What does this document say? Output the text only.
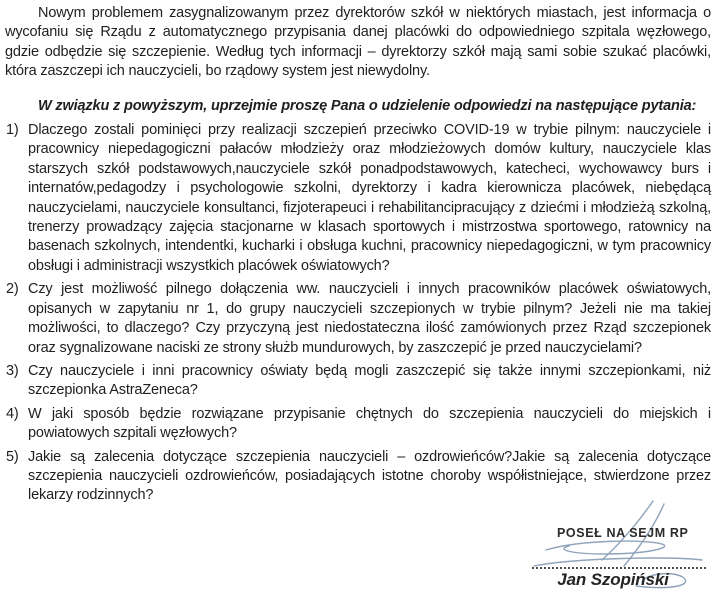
Nowym problemem zasygnalizowanym przez dyrektorów szkół w niektórych miastach, jest informacja o wycofaniu się Rządu z automatycznego przypisania danej placówki do odpowiedniego szpitala węzłowego, gdzie odbędzie się szczepienie. Według tych informacji – dyrektorzy szkół mają sami sobie szukać placówki, która zaszczepi ich nauczycieli, bo rządowy system jest niewydolny.

W związku z powyższym, uprzejmie proszę Pana o udzielenie odpowiedzi na następujące pytania:

1) Dlaczego zostali pominięci przy realizacji szczepień przeciwko COVID-19 w trybie pilnym: nauczyciele i pracownicy niepedagogiczni pałaców młodzieży oraz młodzieżowych domów kultury, nauczyciele klas starszych szkół podstawowych,nauczyciele szkół ponadpodstawowych, katecheci, wychowawcy burs i internatów,pedagodzy i psychologowie szkolni, dyrektorzy i kadra kierownicza placówek, niebędącą nauczycielami, nauczyciele konsultanci, fizjoterapeuci i rehabilitancipracujący z dziećmi i młodzieżą szkolną, trenerzy prowadzący zajęcia stacjonarne w klasach sportowych i mistrzostwa sportowego, ratownicy na basenach szkolnych, intendentki, kucharki i obsługa kuchni, pracownicy niepedagogiczni, w tym pracownicy obsługi i administracji wszystkich placówek oświatowych?
2) Czy jest możliwość pilnego dołączenia ww. nauczycieli i innych pracowników placówek oświatowych, opisanych w zapytaniu nr 1, do grupy nauczycieli szczepionych w trybie pilnym? Jeżeli nie ma takiej możliwości, to dlaczego? Czy przyczyną jest niedostateczna ilość zamówionych przez Rząd szczepionek oraz sygnalizowane naciski ze strony służb mundurowych, by zaszczepić je przed nauczycielami?
3) Czy nauczyciele i inni pracownicy oświaty będą mogli zaszczepić się także innymi szczepionkami, niż szczepionka AstraZeneca?
4) W jaki sposób będzie rozwiązane przypisanie chętnych do szczepienia nauczycieli do miejskich i powiatowych szpitali węzłowych?
5) Jakie są zalecenia dotyczące szczepienia nauczycieli – ozdrowieńców?Jakie są zalecenia dotyczące szczepienia nauczycieli ozdrowieńców, posiadających istotne choroby współistniejące, stwierdzone przez lekarzy rodzinnych?
POSEŁ NA SEJM RP
Jan Szopiński
